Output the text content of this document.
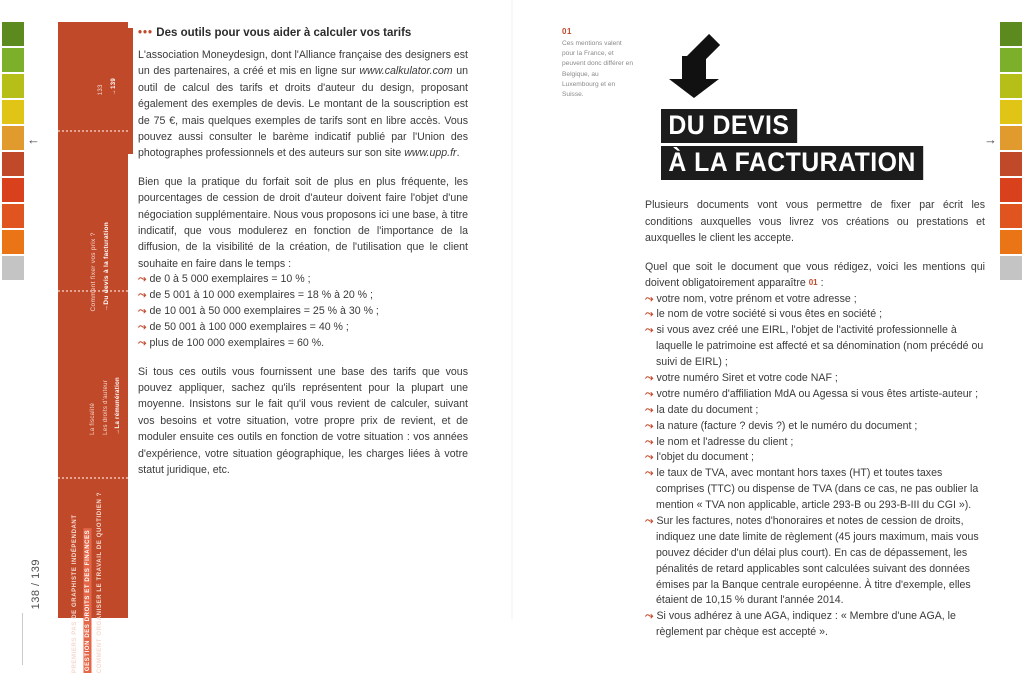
←	→
138 / 139
133 →139
Comment fixer vos prix ? →Du devis à la facturation
La fiscalité Les droits d'auteur →La rémunération
PREMIERS PAS DE GRAPHISTE INDÉPENDANT GESTION DES DROITS ET DES FINANCES COMMENT ORGANISER LE TRAVAIL DE QUOTIDIEN ?
••• Des outils pour vous aider à calculer vos tarifs

L'association Moneydesign, dont l'Alliance française des designers est un des partenaires, a créé et mis en ligne sur www.calkulator.com un outil de calcul des tarifs et droits d'auteur du design, proposant également des exemples de devis. Le montant de la souscription est de 75 €, mais quelques exemples de tarifs sont en libre accès. Vous pouvez aussi consulter le barème indicatif publié par l'Union des photographes professionnels et des auteurs sur son site www.upp.fr.

Bien que la pratique du forfait soit de plus en plus fréquente, les pourcentages de cession de droit d'auteur doivent faire l'objet d'une négociation supplémentaire. Nous vous proposons ici une base, à titre indicatif, que vous modulerez en fonction de l'importance de la diffusion, de la visibilité de la création, de l'utilisation que le client souhaite en faire dans le temps :

⤳ de 0 à 5 000 exemplaires = 10 % ;
⤳ de 5 001 à 10 000 exemplaires = 18 % à 20 % ;
⤳ de 10 001 à 50 000 exemplaires = 25 % à 30 % ;
⤳ de 50 001 à 100 000 exemplaires = 40 % ;
⤳ plus de 100 000 exemplaires = 60 %.

Si tous ces outils vous fournissent une base des tarifs que vous pouvez appliquer, sachez qu'ils représentent pour la plupart une moyenne. Insistons sur le fait qu'il vous revient de calculer, suivant vos besoins et votre situation, votre propre prix de revient, et de moduler ensuite ces outils en fonction de votre situation : vos années d'expérience, votre situation géographique, les charges liées à votre statut juridique, etc.

01
Ces mentions valent pour la France, et peuvent donc différer en Belgique, au Luxembourg et en Suisse.
DU DEVIS
À LA FACTURATION

Plusieurs documents vont vous permettre de fixer par écrit les conditions auxquelles vous livrez vos créations ou prestations et auxquelles le client les accepte.

Quel que soit le document que vous rédigez, voici les mentions qui doivent obligatoirement apparaître 01 :

⤳ votre nom, votre prénom et votre adresse ;
⤳ le nom de votre société si vous êtes en société ;
⤳ si vous avez créé une EIRL, l'objet de l'activité professionnelle à laquelle le patrimoine est affecté et sa dénomination (nom précédé ou suivi de EIRL) ;
⤳ votre numéro Siret et votre code NAF ;
⤳ votre numéro d'affiliation MdA ou Agessa si vous êtes artiste-auteur ;
⤳ la date du document ;
⤳ la nature (facture ? devis ?) et le numéro du document ;
⤳ le nom et l'adresse du client ;
⤳ l'objet du document ;
⤳ le taux de TVA, avec montant hors taxes (HT) et toutes taxes comprises (TTC) ou dispense de TVA (dans ce cas, ne pas oublier la mention « TVA non applicable, article 293-B ou 293-B-III du CGI »).
⤳ Sur les factures, notes d'honoraires et notes de cession de droits, indiquez une date limite de règlement (45 jours maximum, mais vous pouvez décider d'un délai plus court). En cas de dépassement, les pénalités de retard applicables sont calculées suivant des données émises par la Banque centrale européenne. À titre d'exemple, elles étaient de 10,15 % durant l'année 2014.
⤳ Si vous adhérez à une AGA, indiquez : « Membre d'une AGA, le règlement par chèque est accepté ».
